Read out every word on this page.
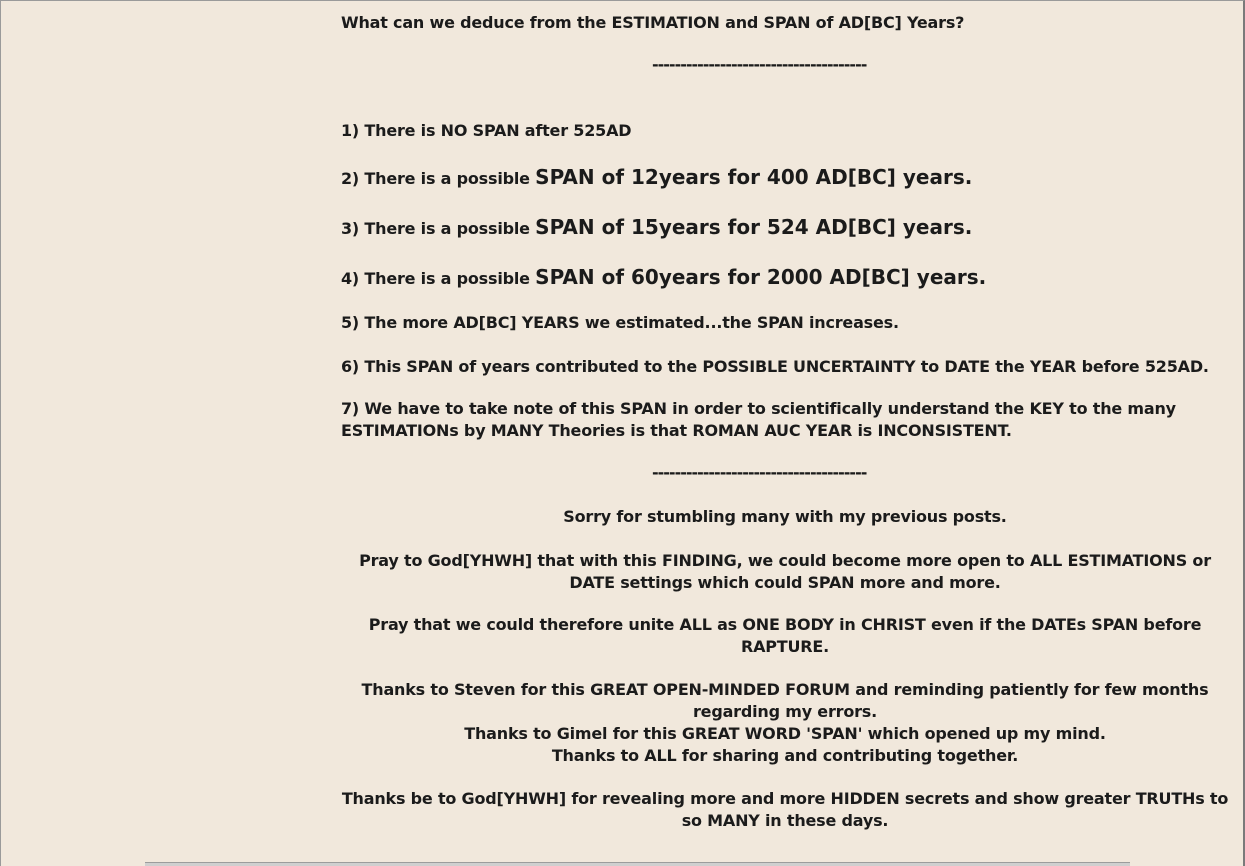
What can we deduce from the ESTIMATION and SPAN of AD[BC] Years?

--------------------------------------

1) There is NO SPAN after 525AD

2) There is a possible SPAN of 12years for 400 AD[BC] years.

3) There is a possible SPAN of 15years for 524 AD[BC] years.

4) There is a possible SPAN of 60years for 2000 AD[BC] years.

5) The more AD[BC] YEARS we estimated...the SPAN increases.

6) This SPAN of years contributed to the POSSIBLE UNCERTAINTY to DATE the YEAR before 525AD.

7) We have to take note of this SPAN in order to scientifically understand the KEY to the many ESTIMATIONs by MANY Theories is that ROMAN AUC YEAR is INCONSISTENT.

--------------------------------------

Sorry for stumbling many with my previous posts.

Pray to God[YHWH] that with this FINDING, we could become more open to ALL ESTIMATIONS or DATE settings which could SPAN more and more.

Pray that we could therefore unite ALL as ONE BODY in CHRIST even if the DATEs SPAN before RAPTURE.

Thanks to Steven for this GREAT OPEN-MINDED FORUM and reminding patiently for few months regarding my errors.

Thanks to Gimel for this GREAT WORD 'SPAN' which opened up my mind.

Thanks to ALL for sharing and contributing together.

Thanks be to God[YHWH] for revealing more and more HIDDEN secrets and show greater TRUTHs to so MANY in these days.
